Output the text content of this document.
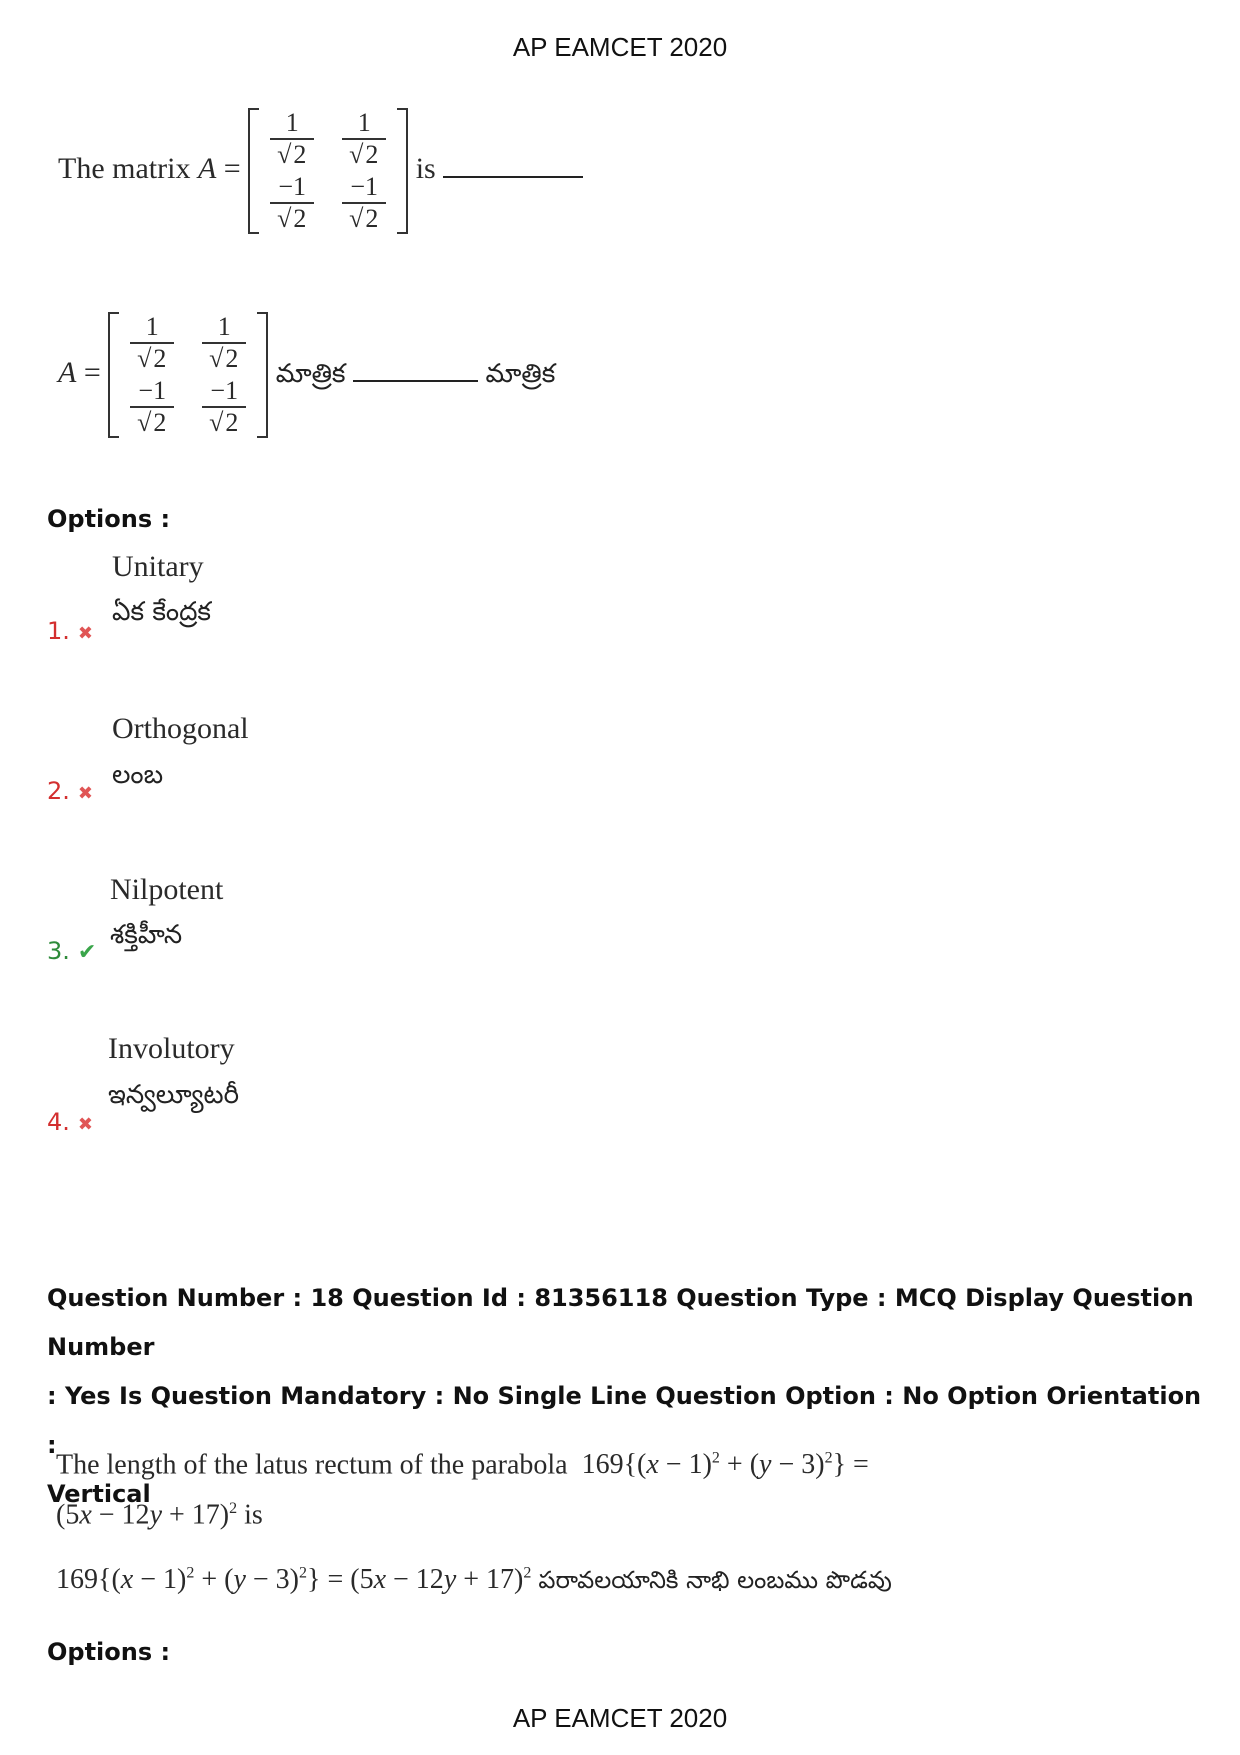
AP EAMCET 2020
The matrix $A = \frac{1}{√2} \frac{1}{√2}$
$\frac{-1}{√2} \frac{-1}{√2}$
is
$A = \frac{1}{√2} \frac{1}{√2}$
$\frac{-1}{√2} \frac{-1}{√2}$
మాత్రిక	మాత్రిక
Options :
Unitary
ఏక కేంద్రక
1. ✖
Orthogonal
లంబ
2. ✖
Nilpotent
శక్తిహీన
3. ✔
Involutory
ఇన్వల్యూటరీ
4. ✖
Question Number : 18 Question Id : 81356118 Question Type : MCQ Display Question Number
: Yes Is Question Mandatory : No Single Line Question Option : No Option Orientation :
Vertical
The length of the latus rectum of the parabola  $169\{(x - 1)^2 + (y - 3)^2\}$ =
$(5x - 12y + 17)^2$ is
$169\{(x - 1)^2 + (y - 3)^2\} = (5x - 12y + 17)^2$ పరావలయానికి నాభి లంబము పొడవు
Options :
AP EAMCET 2020
